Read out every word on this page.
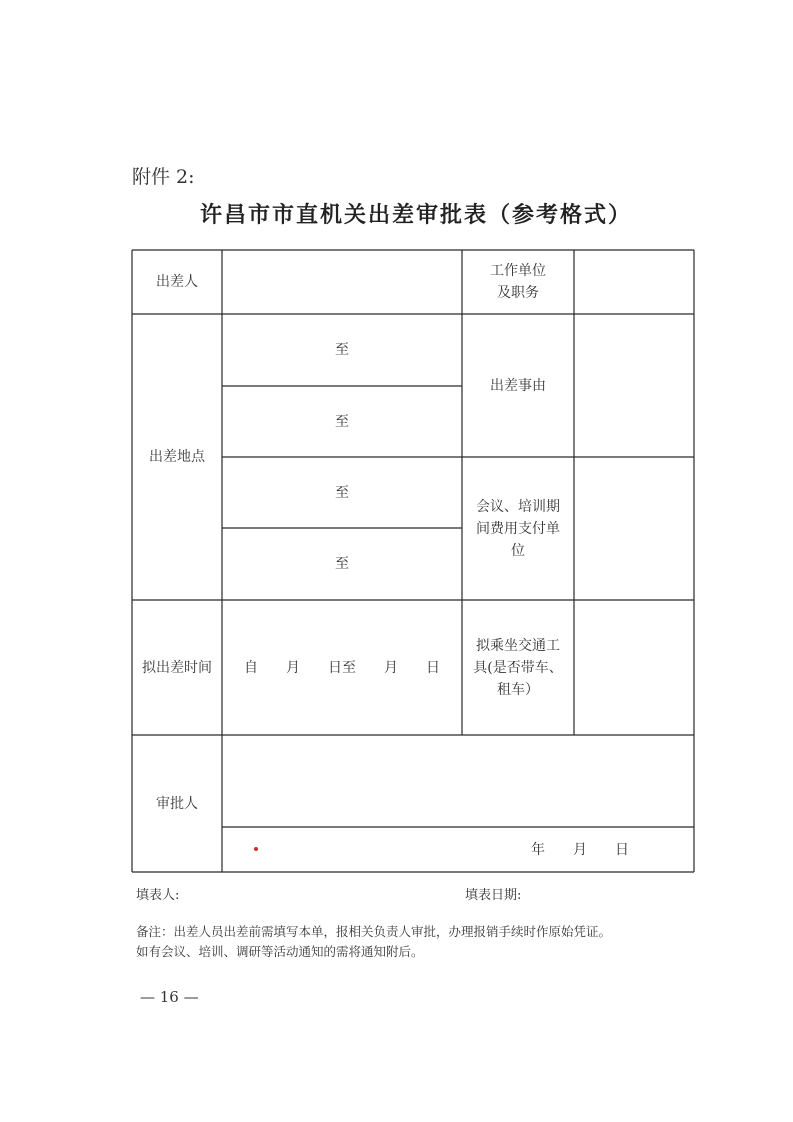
附件 2:
许昌市市直机关出差审批表（参考格式）
出差人
工作单位
及职务
出差地点
至
至
至
至
出差事由
会议、培训期
间费用支付单
位
拟出差时间	自　　月　　日至　　月　　日
拟乘坐交通工
具(是否带车、
租车）
审批人
年　　月　　日
填表人:	填表日期:
备注：出差人员出差前需填写本单，报相关负责人审批，办理报销手续时作原始凭证。
如有会议、培训、调研等活动通知的需将通知附后。
— 16 —
